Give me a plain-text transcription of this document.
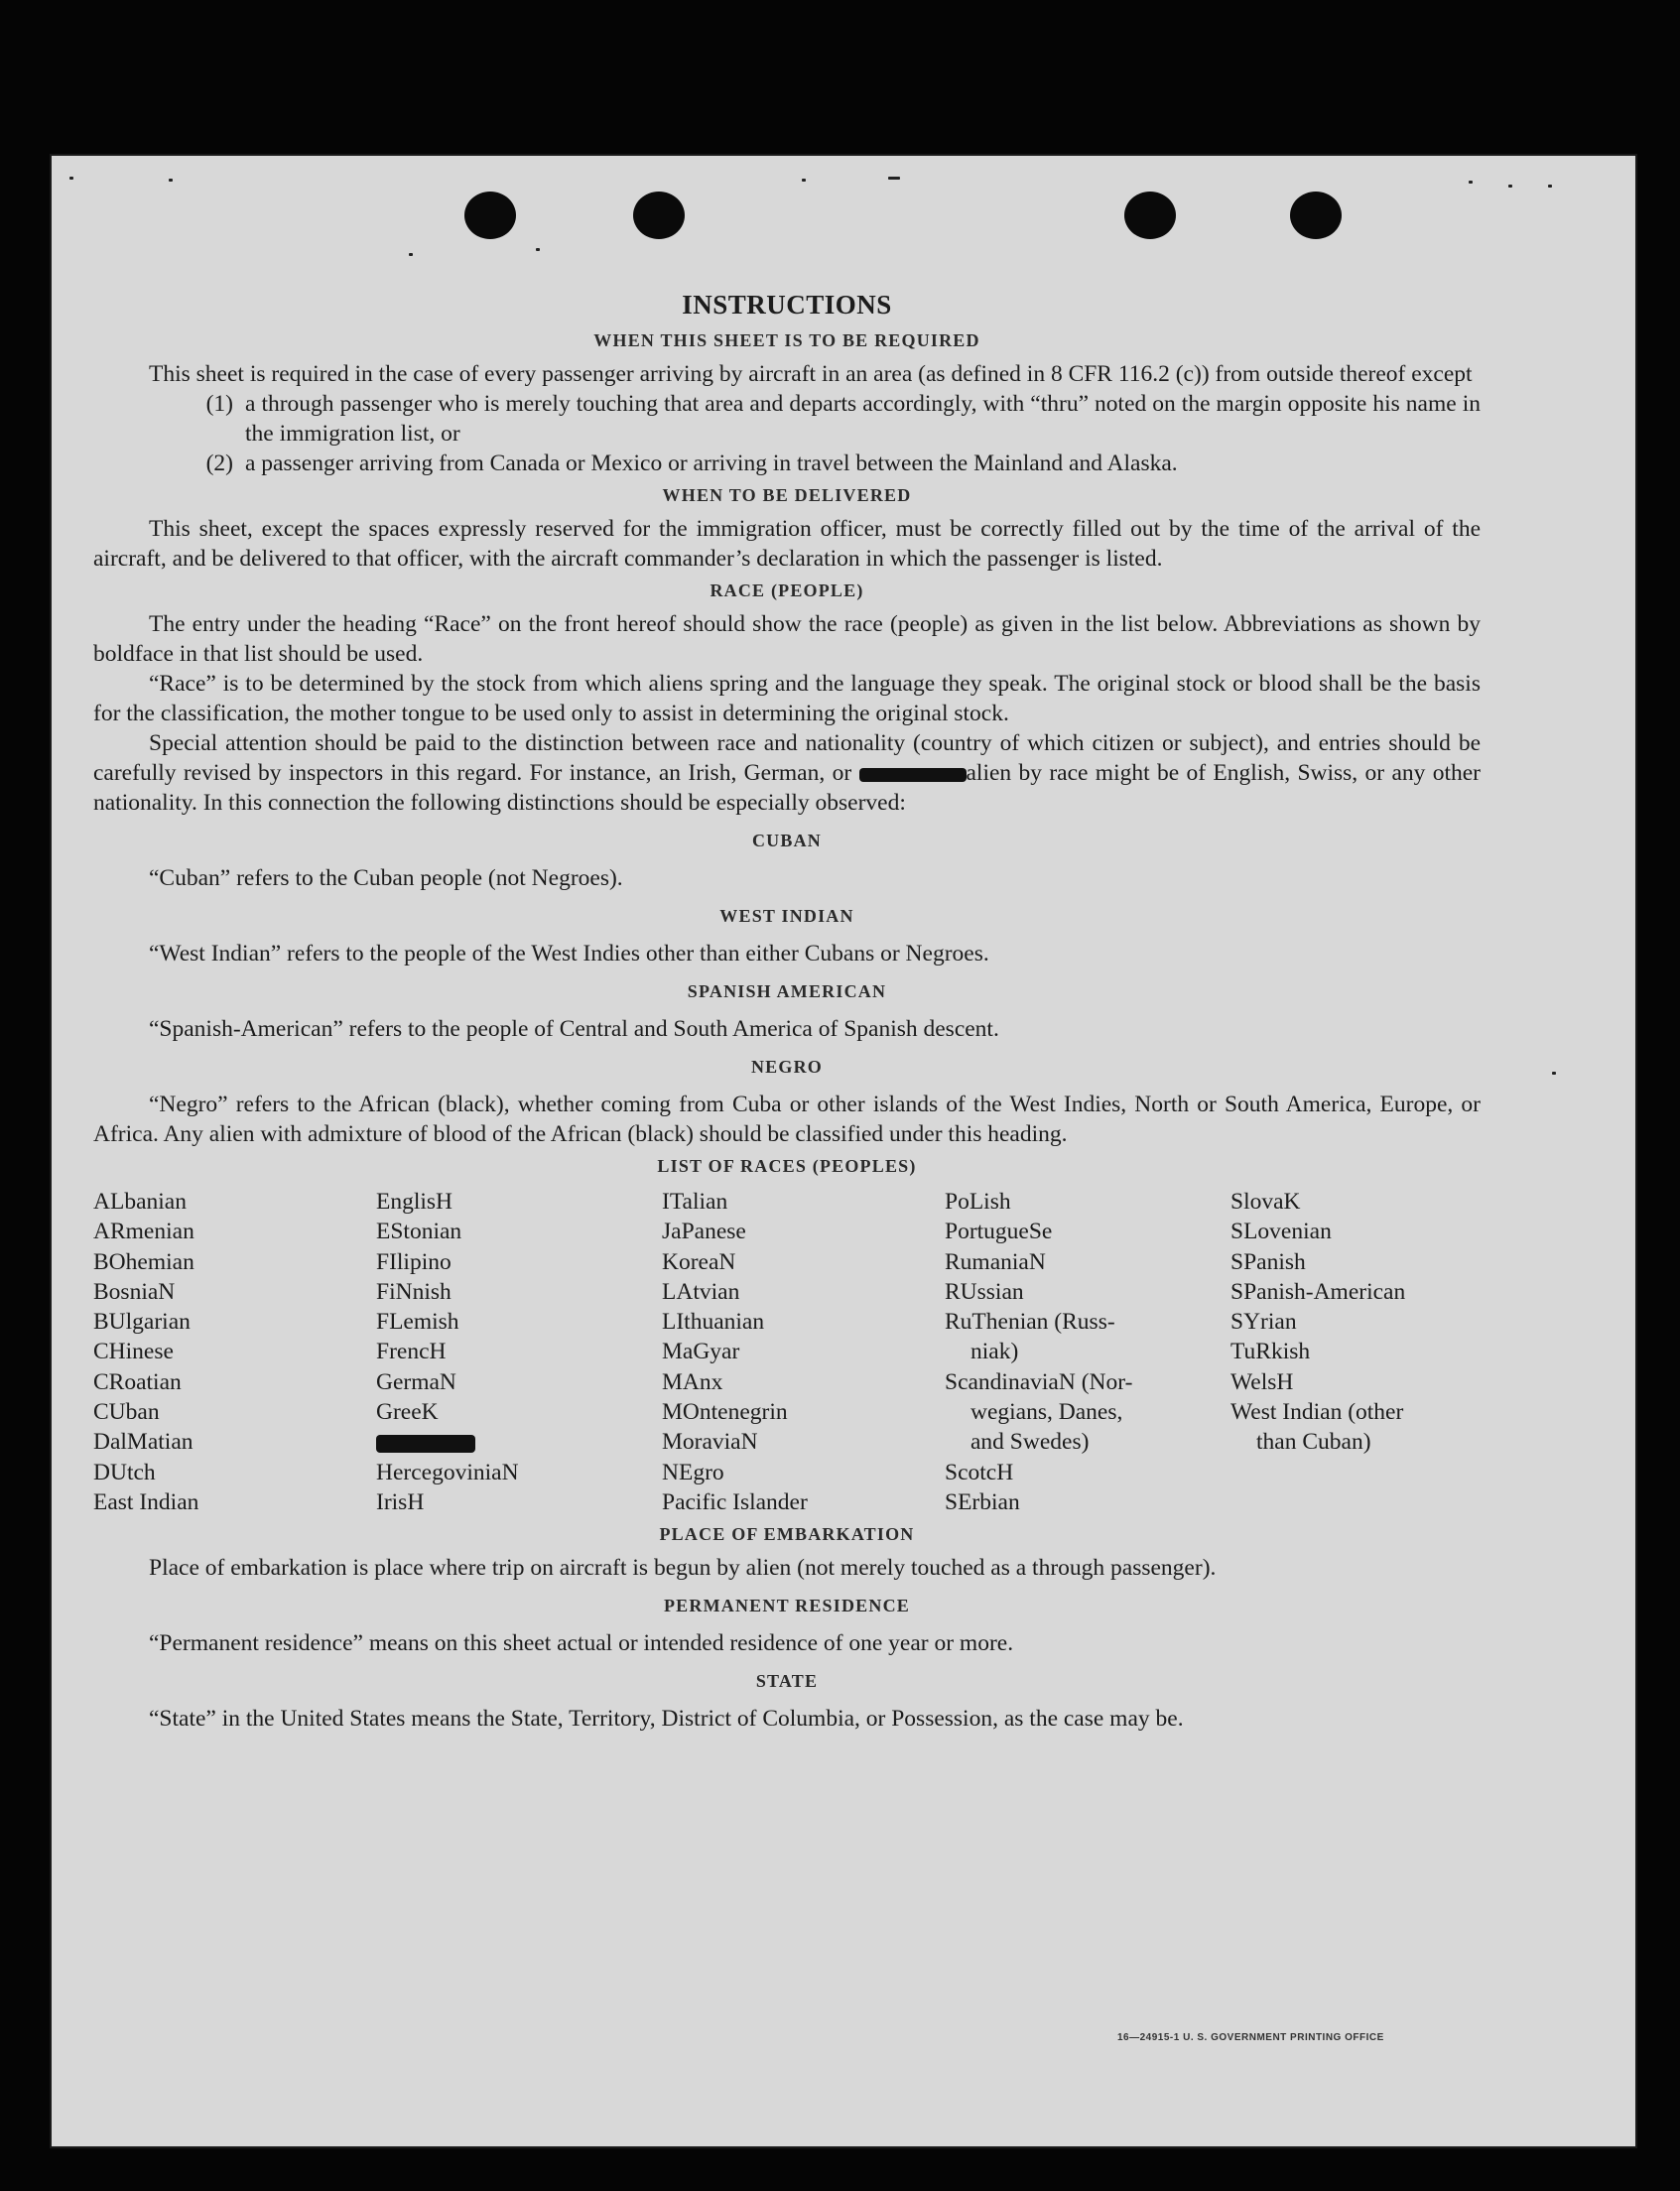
INSTRUCTIONS
WHEN THIS SHEET IS TO BE REQUIRED

This sheet is required in the case of every passenger arriving by aircraft in an area (as defined in 8 CFR 116.2 (c)) from outside thereof except

(1) a through passenger who is merely touching that area and departs accordingly, with “thru” noted on the margin opposite his name in the immigration list, or
(2) a passenger arriving from Canada or Mexico or arriving in travel between the Mainland and Alaska.
WHEN TO BE DELIVERED

This sheet, except the spaces expressly reserved for the immigration officer, must be correctly filled out by the time of the arrival of the aircraft, and be delivered to that officer, with the aircraft commander’s declaration in which the passenger is listed.

RACE (PEOPLE)

The entry under the heading “Race” on the front hereof should show the race (people) as given in the list below. Abbreviations as shown by boldface in that list should be used.

“Race” is to be determined by the stock from which aliens spring and the language they speak. The original stock or blood shall be the basis for the classification, the mother tongue to be used only to assist in determining the original stock.

Special attention should be paid to the distinction between race and nationality (country of which citizen or subject), and entries should be carefully revised by inspectors in this regard. For instance, an Irish, German, or	alien by race might be of English, Swiss, or any other nationality. In this connection the following distinctions should be especially observed:

CUBAN

“Cuban” refers to the Cuban people (not Negroes).

WEST INDIAN

“West Indian” refers to the people of the West Indies other than either Cubans or Negroes.

SPANISH AMERICAN

“Spanish-American” refers to the people of Central and South America of Spanish descent.

NEGRO

“Negro” refers to the African (black), whether coming from Cuba or other islands of the West Indies, North or South America, Europe, or Africa. Any alien with admixture of blood of the African (black) should be classified under this heading.

LIST OF RACES (PEOPLES)
ALbanian
ARmenian
BOhemian
BosniaN
BUlgarian
CHinese
CRoatian
CUban
DalMatian
DUtch
East Indian
EnglisH
EStonian
FIlipino
FiNnish
FLemish
FrencH
GermaN
GreeK
HercegoviniaN
IrisH
ITalian
JaPanese
KoreaN
LAtvian
LIthuanian
MaGyar
MAnx
MOntenegrin
MoraviaN
NEgro
Pacific Islander
PoLish
PortugueSe
RumaniaN
RUssian
RuThenian (Russ-
niak)
ScandinaviaN (Nor-
wegians, Danes,
and Swedes)
ScotcH
SErbian
SlovaK
SLovenian
SPanish
SPanish-American
SYrian
TuRkish
WelsH
West Indian (other
than Cuban)
PLACE OF EMBARKATION

Place of embarkation is place where trip on aircraft is begun by alien (not merely touched as a through passenger).

PERMANENT RESIDENCE

“Permanent residence” means on this sheet actual or intended residence of one year or more.

STATE

“State” in the United States means the State, Territory, District of Columbia, or Possession, as the case may be.

16—24915-1 U. S. GOVERNMENT PRINTING OFFICE
